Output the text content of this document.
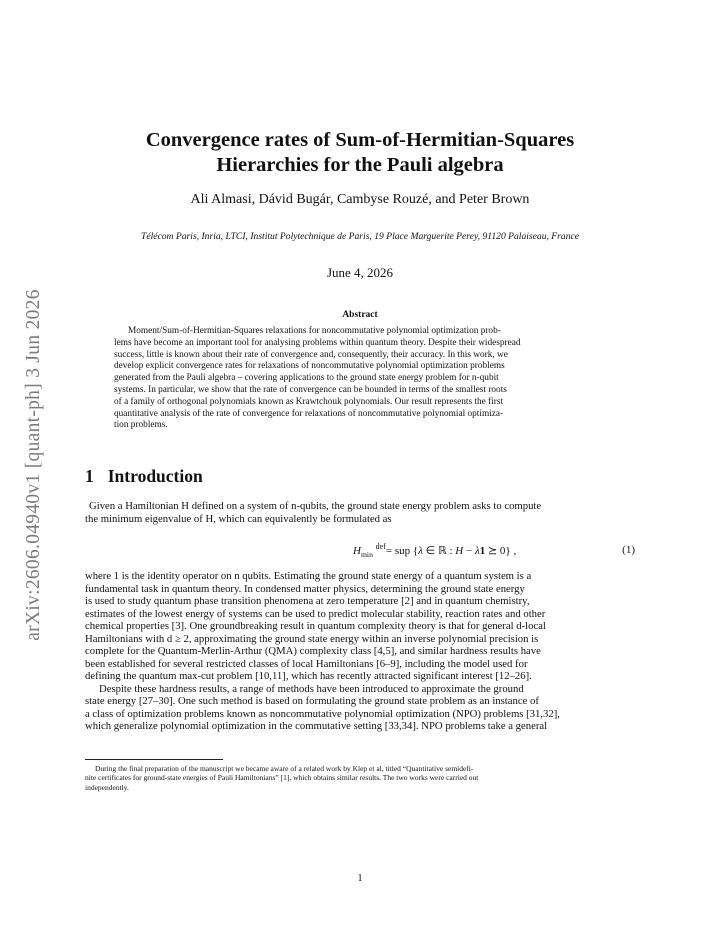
arXiv:2606.04940v1 [quant-ph] 3 Jun 2026
Convergence rates of Sum-of-Hermitian-Squares
Hierarchies for the Pauli algebra
Ali Almasi, Dávid Bugár, Cambyse Rouzé, and Peter Brown
Télécom Paris, Inria, LTCI, Institut Polytechnique de Paris, 19 Place Marguerite Perey, 91120 Palaiseau, France
June 4, 2026
Abstract
Moment/Sum-of-Hermitian-Squares relaxations for noncommutative polynomial optimization prob-
lems have become an important tool for analysing problems within quantum theory. Despite their widespread
success, little is known about their rate of convergence and, consequently, their accuracy. In this work, we
develop explicit convergence rates for relaxations of noncommutative polynomial optimization problems
generated from the Pauli algebra – covering applications to the ground state energy problem for n-qubit
systems. In particular, we show that the rate of convergence can be bounded in terms of the smallest roots
of a family of orthogonal polynomials known as Krawtchouk polynomials. Our result represents the first
quantitative analysis of the rate of convergence for relaxations of noncommutative polynomial optimiza-
tion problems.
1 Introduction
Given a Hamiltonian H defined on a system of n-qubits, the ground state energy problem asks to compute
the minimum eigenvalue of H, which can equivalently be formulated as
$H_{min}$ $^{def}$= sup {λ ∈ ℝ : H − λ1 ⪰ 0} ,	(1)
where 1 is the identity operator on n qubits. Estimating the ground state energy of a quantum system is a
fundamental task in quantum theory. In condensed matter physics, determining the ground state energy
is used to study quantum phase transition phenomena at zero temperature [2] and in quantum chemistry,
estimates of the lowest energy of systems can be used to predict molecular stability, reaction rates and other
chemical properties [3]. One groundbreaking result in quantum complexity theory is that for general d-local
Hamiltonians with d ≥ 2, approximating the ground state energy within an inverse polynomial precision is
complete for the Quantum-Merlin-Arthur (QMA) complexity class [4,5], and similar hardness results have
been established for several restricted classes of local Hamiltonians [6–9], including the model used for
defining the quantum max-cut problem [10,11], which has recently attracted significant interest [12–26].
Despite these hardness results, a range of methods have been introduced to approximate the ground
state energy [27–30]. One such method is based on formulating the ground state problem as an instance of
a class of optimization problems known as noncommutative polynomial optimization (NPO) problems [31,32],
which generalize polynomial optimization in the commutative setting [33,34]. NPO problems take a general
During the final preparation of the manuscript we became aware of a related work by Klep et al, titled “Quantitative semidefi-
nite certificates for ground-state energies of Pauli Hamiltonians” [1], which obtains similar results. The two works were carried out
independently.
1
